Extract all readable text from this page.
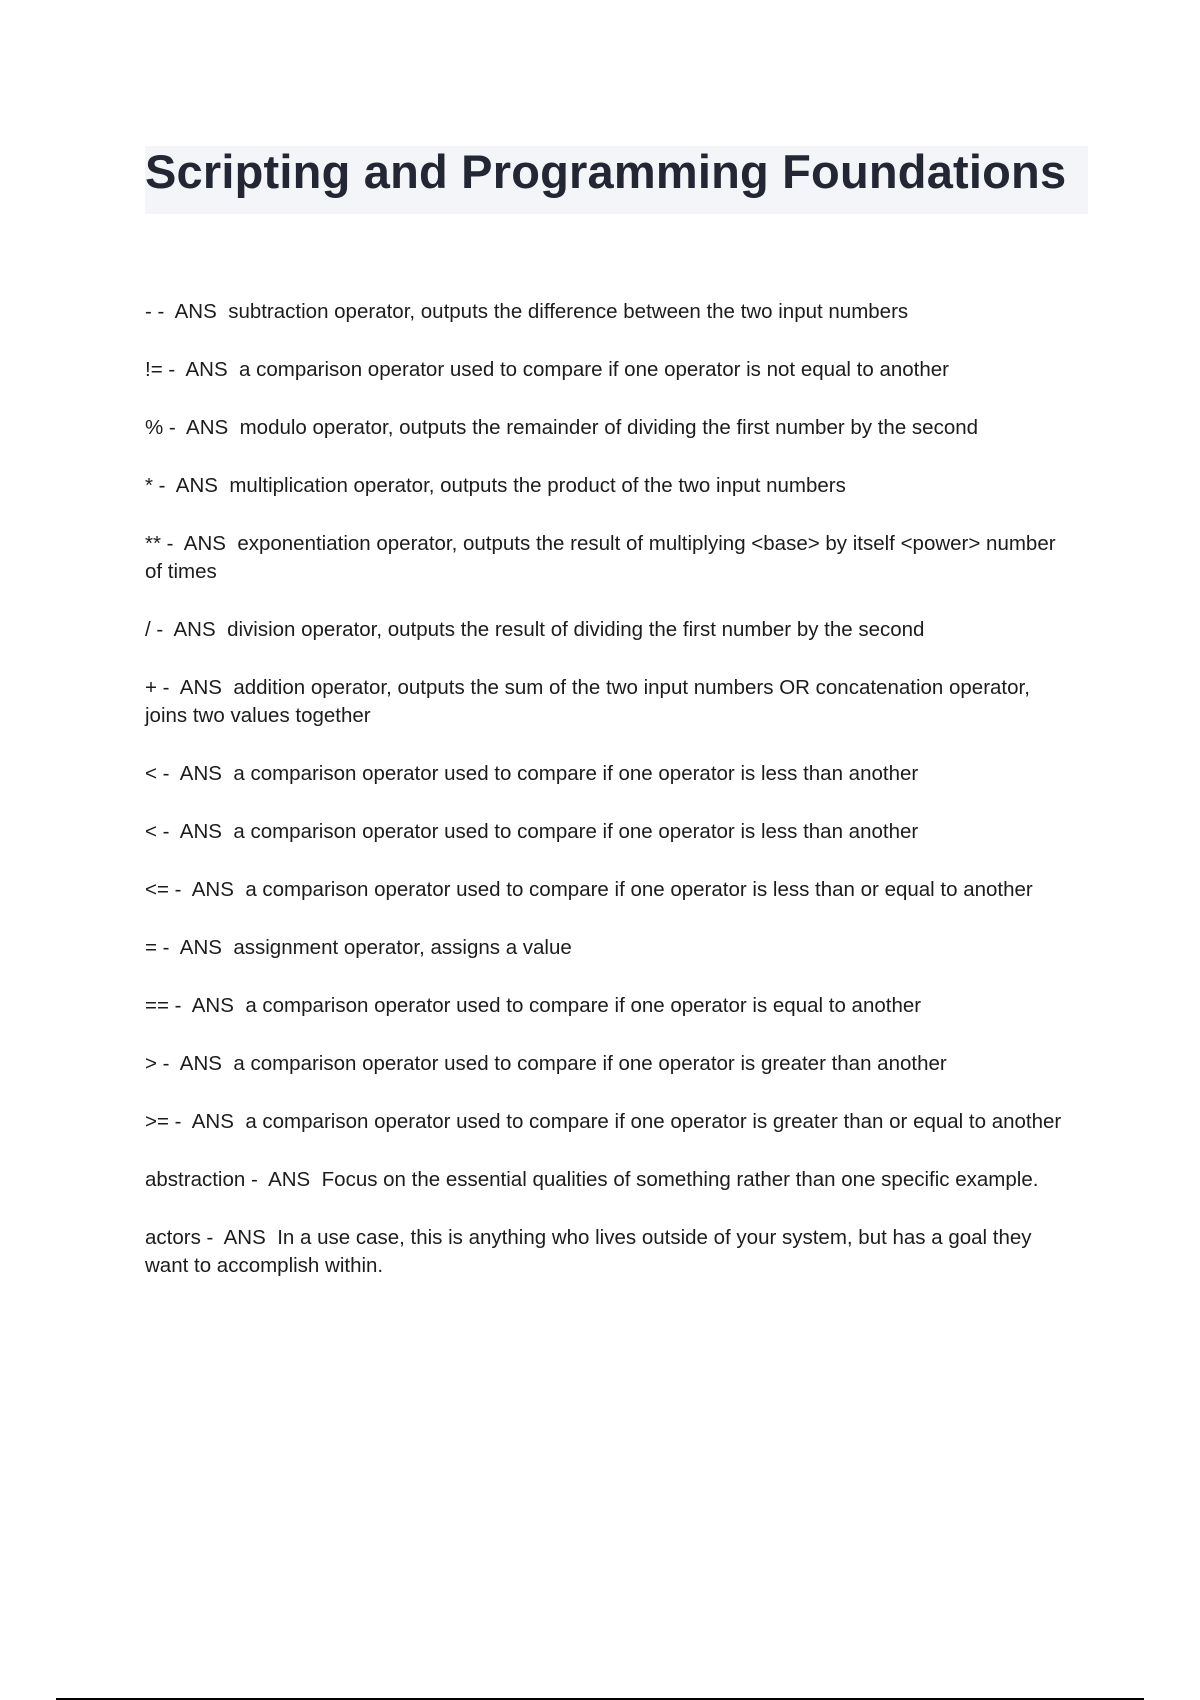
Scripting and Programming Foundations
- -  ANS subtraction operator, outputs the difference between the two input numbers
!= -  ANS a comparison operator used to compare if one operator is not equal to another
% -  ANS modulo operator, outputs the remainder of dividing the first number by the second
* -  ANS multiplication operator, outputs the product of the two input numbers
** -  ANS exponentiation operator, outputs the result of multiplying <base> by itself <power> number of times
/ -  ANS division operator, outputs the result of dividing the first number by the second
+ -  ANS addition operator, outputs the sum of the two input numbers OR concatenation operator, joins two values together
< -  ANS a comparison operator used to compare if one operator is less than another
< -  ANS a comparison operator used to compare if one operator is less than another
<= -  ANS a comparison operator used to compare if one operator is less than or equal to another
= -  ANS assignment operator, assigns a value
== -  ANS a comparison operator used to compare if one operator is equal to another
> -  ANS a comparison operator used to compare if one operator is greater than another
>= -  ANS a comparison operator used to compare if one operator is greater than or equal to another
abstraction -  ANS Focus on the essential qualities of something rather than one specific example.
actors -  ANS In a use case, this is anything who lives outside of your system, but has a goal they want to accomplish within.
